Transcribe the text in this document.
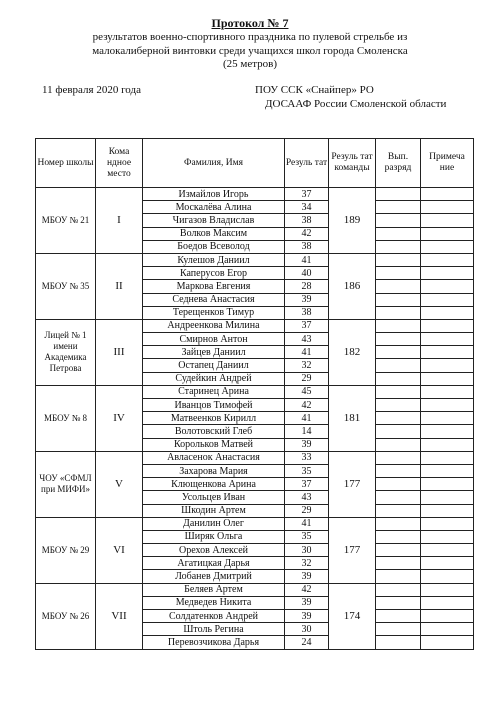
Протокол № 7
результатов военно-спортивного праздника по пулевой стрельбе из
малокалиберной винтовки среди учащихся школ города Смоленска
(25 метров)
11 февраля 2020 года	ПОУ ССК «Снайпер» РО
ДОСААФ России Смоленской области
Номер школы	Кома ндное место	Фамилия, Имя	Резуль тат	Резуль тат команды	Вып. разряд	Примеча ние
МБОУ № 21	I	Измайлов Игорь	37	189		
		Москалёва Алина	34			
		Чигазов Владислав	38			
		Волков Максим	42			
		Боедов Всеволод	38			
МБОУ № 35	II	Кулешов Даниил	41	186		
		Каперусов Егор	40			
		Маркова Евгения	28			
		Седнева Анастасия	39			
		Терещенков Тимур	38			
Лицей № 1 имени Академика Петрова	III	Андреенкова Милина	37	182		
		Смирнов Антон	43			
		Зайцев Даниил	41			
		Остапец Даниил	32			
		Судейкин Андрей	29			
МБОУ № 8	IV	Старинец Арина	45	181		
		Иванцов Тимофей	42			
		Матвеенков Кирилл	41			
		Волотовский Глеб	14			
		Корольков Матвей	39			
ЧОУ «СФМЛ при МИФИ»	V	Авласенок Анастасия	33	177		
		Захарова Мария	35			
		Клющенкова Арина	37			
		Усольцев Иван	43			
		Шкодин Артем	29			
МБОУ № 29	VI	Данилин Олег	41	177		
		Ширяк Ольга	35			
		Орехов Алексей	30			
		Агатицкая Дарья	32			
		Лобанев Дмитрий	39			
МБОУ № 26	VII	Беляев Артем	42	174		
		Медведев Никита	39			
		Солдатенков Андрей	39			
		Штоль Регина	30			
		Перевозчикова Дарья	24			
